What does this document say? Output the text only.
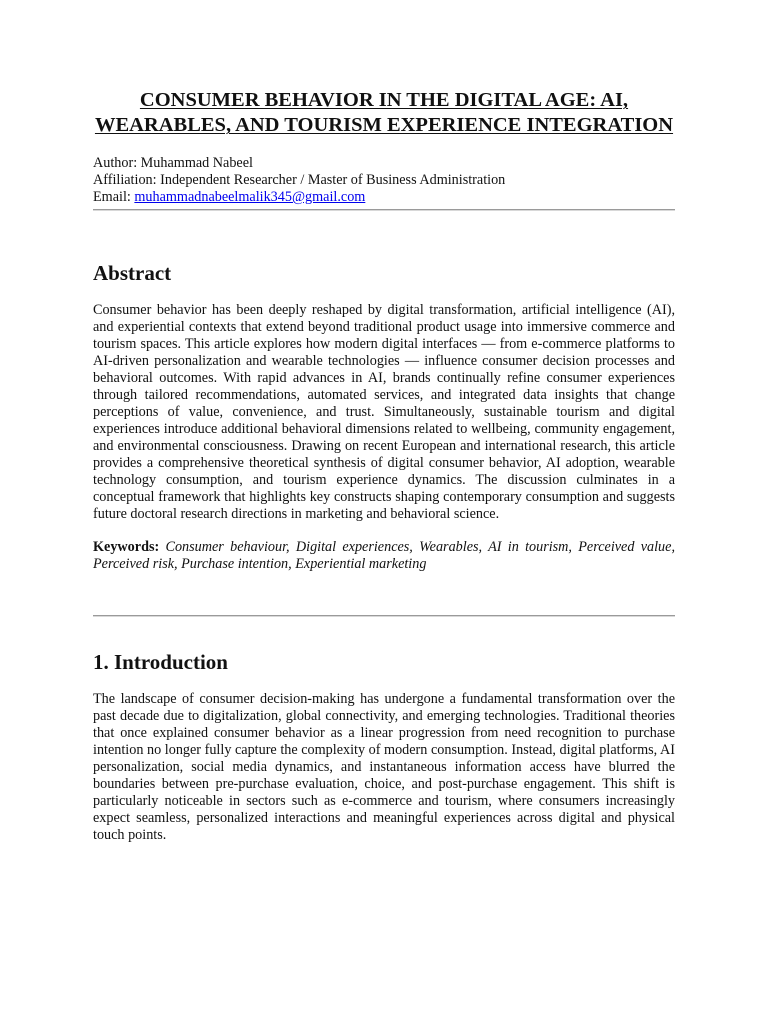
CONSUMER BEHAVIOR IN THE DIGITAL AGE: AI, WEARABLES, AND TOURISM EXPERIENCE INTEGRATION
Author: Muhammad Nabeel
Affiliation: Independent Researcher / Master of Business Administration
Email: muhammadnabeelmalik345@gmail.com
Abstract

Consumer behavior has been deeply reshaped by digital transformation, artificial intelligence (AI), and experiential contexts that extend beyond traditional product usage into immersive commerce and tourism spaces. This article explores how modern digital interfaces — from e-commerce platforms to AI-driven personalization and wearable technologies — influence consumer decision processes and behavioral outcomes. With rapid advances in AI, brands continually refine consumer experiences through tailored recommendations, automated services, and integrated data insights that change perceptions of value, convenience, and trust. Simultaneously, sustainable tourism and digital experiences introduce additional behavioral dimensions related to wellbeing, community engagement, and environmental consciousness. Drawing on recent European and international research, this article provides a comprehensive theoretical synthesis of digital consumer behavior, AI adoption, wearable technology consumption, and tourism experience dynamics. The discussion culminates in a conceptual framework that highlights key constructs shaping contemporary consumption and suggests future doctoral research directions in marketing and behavioral science.

Keywords: Consumer behaviour, Digital experiences, Wearables, AI in tourism, Perceived value, Perceived risk, Purchase intention, Experiential marketing
1. Introduction

The landscape of consumer decision-making has undergone a fundamental transformation over the past decade due to digitalization, global connectivity, and emerging technologies. Traditional theories that once explained consumer behavior as a linear progression from need recognition to purchase intention no longer fully capture the complexity of modern consumption. Instead, digital platforms, AI personalization, social media dynamics, and instantaneous information access have blurred the boundaries between pre-purchase evaluation, choice, and post-purchase engagement. This shift is particularly noticeable in sectors such as e-commerce and tourism, where consumers increasingly expect seamless, personalized interactions and meaningful experiences across digital and physical touch points.
